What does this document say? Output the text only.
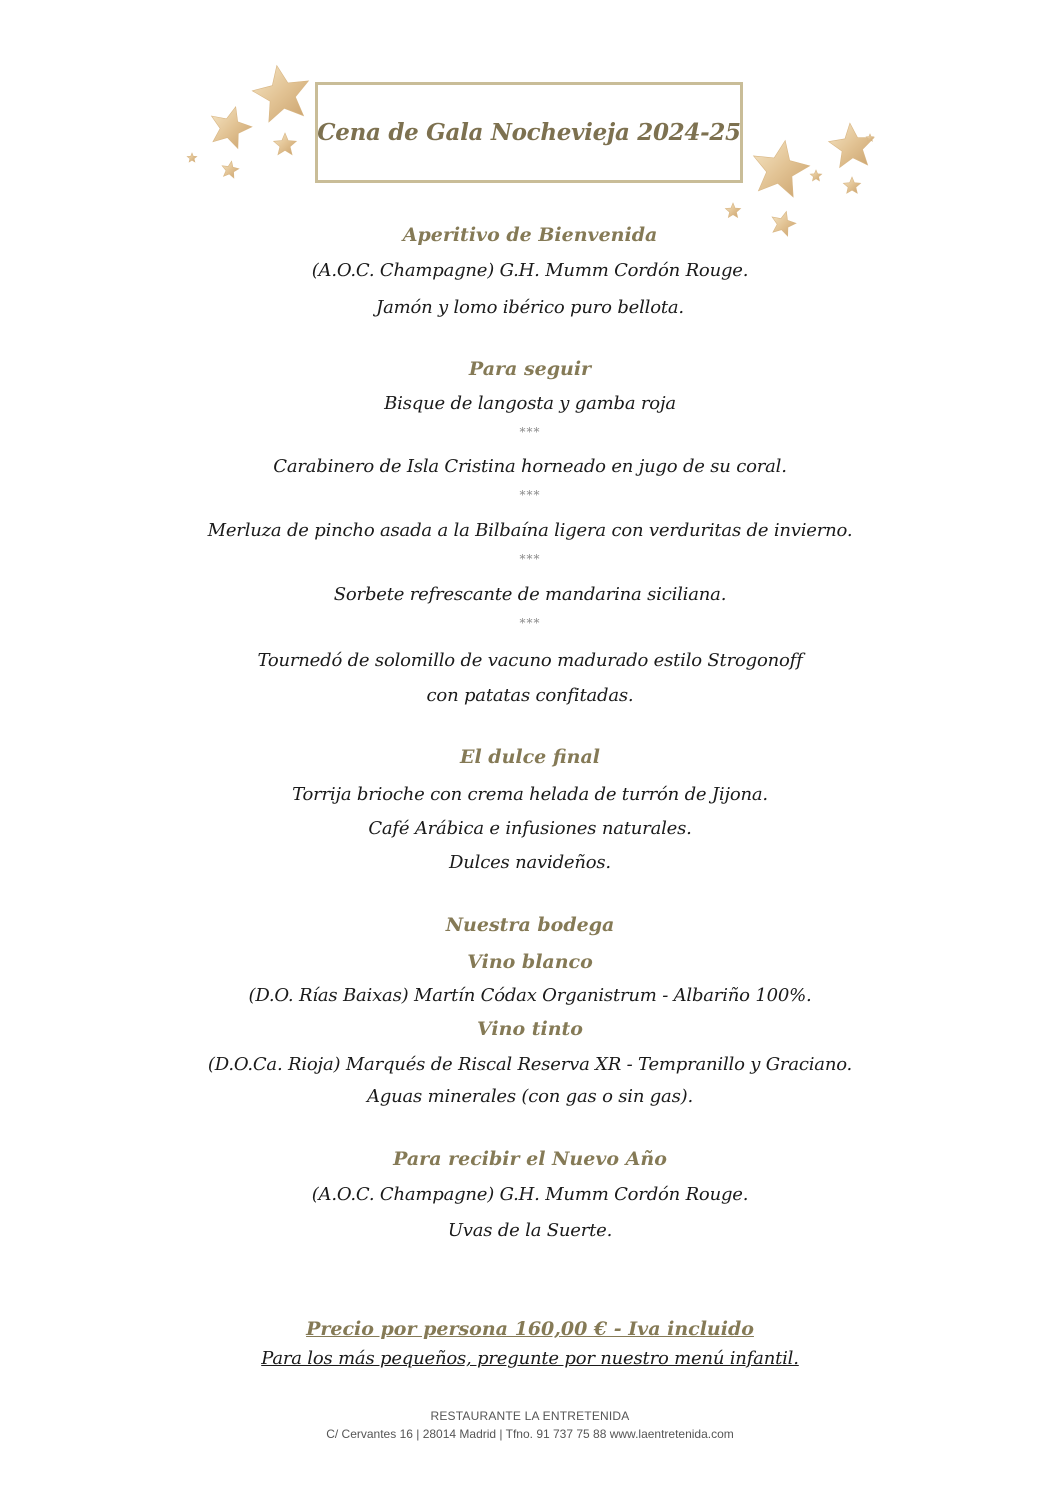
Cena de Gala Nochevieja 2024-25
Aperitivo de Bienvenida
(A.O.C. Champagne) G.H. Mumm Cordón Rouge.
Jamón y lomo ibérico puro bellota.
Para seguir
Bisque de langosta y gamba roja
***
Carabinero de Isla Cristina horneado en jugo de su coral.
***
Merluza de pincho asada a la Bilbaína ligera con verduritas de invierno.
***
Sorbete refrescante de mandarina siciliana.
***
Tournedó de solomillo de vacuno madurado estilo Strogonoff
con patatas confitadas.
El dulce final
Torrija brioche con crema helada de turrón de Jijona.
Café Arábica e infusiones naturales.
Dulces navideños.
Nuestra bodega
Vino blanco
(D.O. Rías Baixas) Martín Códax Organistrum - Albariño 100%.
Vino tinto
(D.O.Ca. Rioja) Marqués de Riscal Reserva XR - Tempranillo y Graciano.
Aguas minerales (con gas o sin gas).
Para recibir el Nuevo Año
(A.O.C. Champagne) G.H. Mumm Cordón Rouge.
Uvas de la Suerte.
Precio por persona 160,00 € - Iva incluido
Para los más pequeños, pregunte por nuestro menú infantil.
RESTAURANTE LA ENTRETENIDA
C/ Cervantes 16 | 28014 Madrid | Tfno. 91 737 75 88 www.laentretenida.com
